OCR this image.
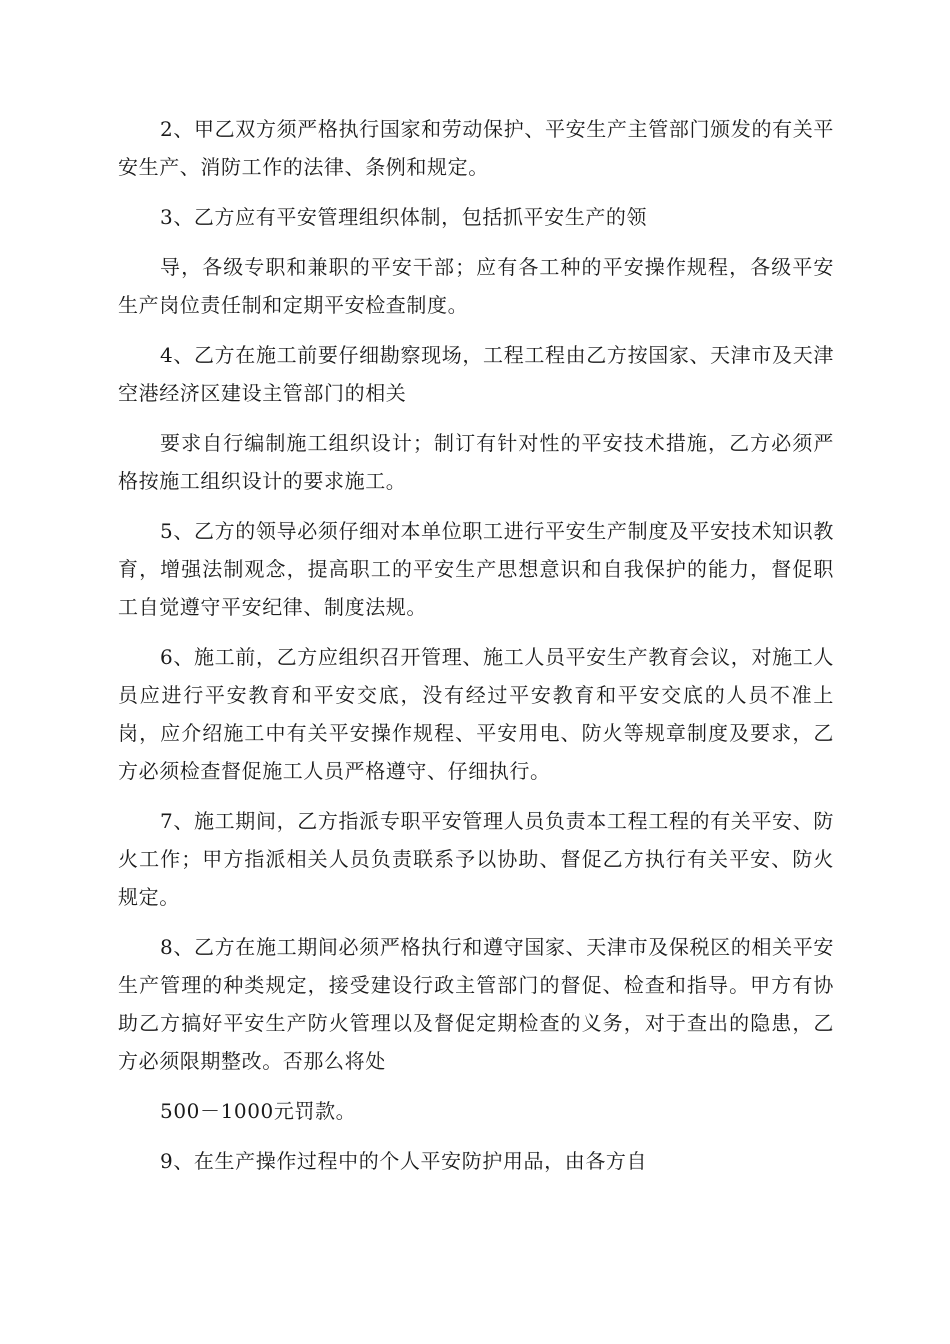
2、甲乙双方须严格执行国家和劳动保护、平安生产主管部门颁发的有关平安生产、消防工作的法律、条例和规定。

3、乙方应有平安管理组织体制，包括抓平安生产的领

导，各级专职和兼职的平安干部；应有各工种的平安操作规程，各级平安生产岗位责任制和定期平安检查制度。

4、乙方在施工前要仔细勘察现场，工程工程由乙方按国家、天津市及天津空港经济区建设主管部门的相关

要求自行编制施工组织设计；制订有针对性的平安技术措施，乙方必须严格按施工组织设计的要求施工。

5、乙方的领导必须仔细对本单位职工进行平安生产制度及平安技术知识教育，增强法制观念，提高职工的平安生产思想意识和自我保护的能力，督促职工自觉遵守平安纪律、制度法规。

6、施工前，乙方应组织召开管理、施工人员平安生产教育会议，对施工人员应进行平安教育和平安交底，没有经过平安教育和平安交底的人员不准上岗，应介绍施工中有关平安操作规程、平安用电、防火等规章制度及要求，乙方必须检查督促施工人员严格遵守、仔细执行。

7、施工期间，乙方指派专职平安管理人员负责本工程工程的有关平安、防火工作；甲方指派相关人员负责联系予以协助、督促乙方执行有关平安、防火规定。

8、乙方在施工期间必须严格执行和遵守国家、天津市及保税区的相关平安生产管理的种类规定，接受建设行政主管部门的督促、检查和指导。甲方有协助乙方搞好平安生产防火管理以及督促定期检查的义务，对于查出的隐患，乙方必须限期整改。否那么将处

500－1000元罚款。

9、在生产操作过程中的个人平安防护用品，由各方自
